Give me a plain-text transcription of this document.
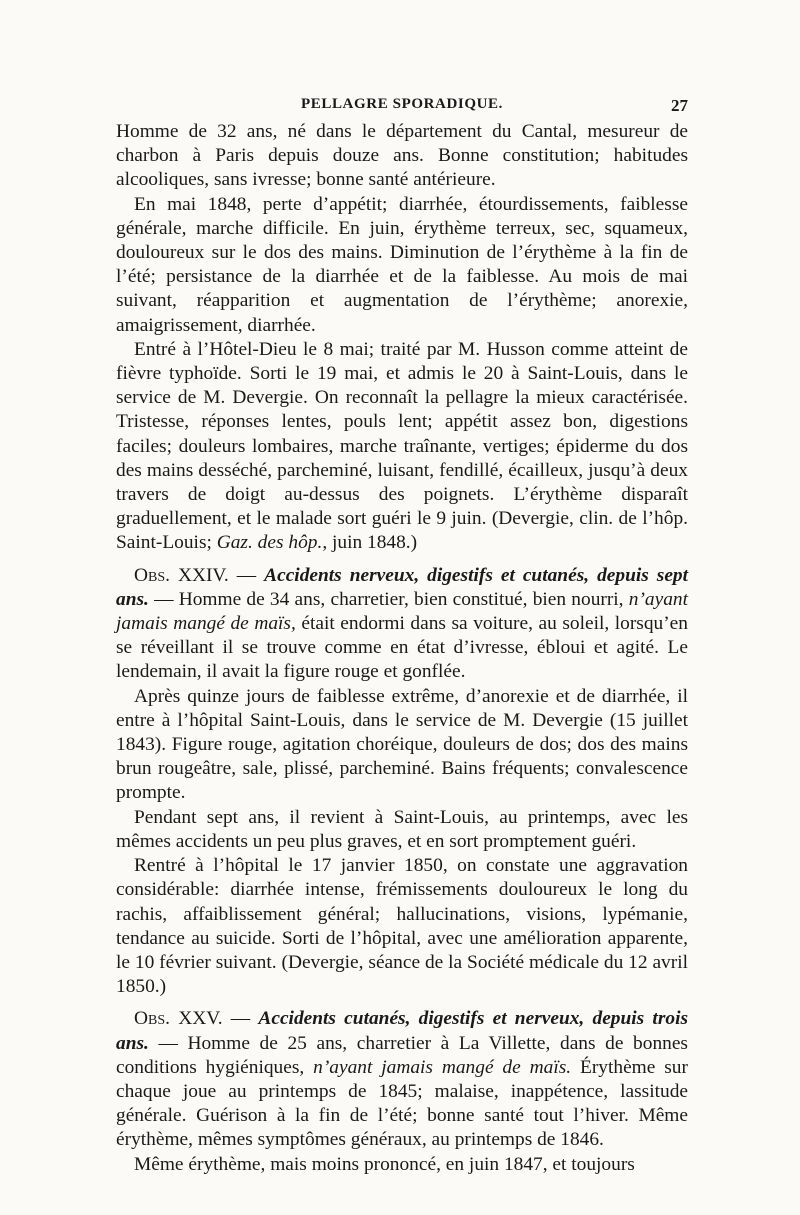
PELLAGRE SPORADIQUE.	27

Homme de 32 ans, né dans le département du Cantal, mesureur de charbon à Paris depuis douze ans. Bonne constitution; habitudes alcooliques, sans ivresse; bonne santé antérieure.

En mai 1848, perte d’appétit; diarrhée, étourdissements, faiblesse générale, marche difficile. En juin, érythème terreux, sec, squameux, douloureux sur le dos des mains. Diminution de l’érythème à la fin de l’été; persistance de la diarrhée et de la faiblesse. Au mois de mai suivant, réapparition et augmentation de l’érythème; anorexie, amaigrissement, diarrhée.

Entré à l’Hôtel-Dieu le 8 mai; traité par M. Husson comme atteint de fièvre typhoïde. Sorti le 19 mai, et admis le 20 à Saint-Louis, dans le service de M. Devergie. On reconnaît la pellagre la mieux caractérisée. Tristesse, réponses lentes, pouls lent; appétit assez bon, digestions faciles; douleurs lombaires, marche traînante, vertiges; épiderme du dos des mains desséché, parcheminé, luisant, fendillé, écailleux, jusqu’à deux travers de doigt au-dessus des poignets. L’érythème disparaît graduellement, et le malade sort guéri le 9 juin. (Devergie, clin. de l’hôp. Saint-Louis; Gaz. des hôp., juin 1848.)

Obs. XXIV. — Accidents nerveux, digestifs et cutanés, depuis sept ans. — Homme de 34 ans, charretier, bien constitué, bien nourri, n’ayant jamais mangé de maïs, était endormi dans sa voiture, au soleil, lorsqu’en se réveillant il se trouve comme en état d’ivresse, ébloui et agité. Le lendemain, il avait la figure rouge et gonflée.

Après quinze jours de faiblesse extrême, d’anorexie et de diarrhée, il entre à l’hôpital Saint-Louis, dans le service de M. Devergie (15 juillet 1843). Figure rouge, agitation choréique, douleurs de dos; dos des mains brun rougeâtre, sale, plissé, parcheminé. Bains fréquents; convalescence prompte.

Pendant sept ans, il revient à Saint-Louis, au printemps, avec les mêmes accidents un peu plus graves, et en sort promptement guéri.

Rentré à l’hôpital le 17 janvier 1850, on constate une aggravation considérable: diarrhée intense, frémissements douloureux le long du rachis, affaiblissement général; hallucinations, visions, lypémanie, tendance au suicide. Sorti de l’hôpital, avec une amélioration apparente, le 10 février suivant. (Devergie, séance de la Société médicale du 12 avril 1850.)

Obs. XXV. — Accidents cutanés, digestifs et nerveux, depuis trois ans. — Homme de 25 ans, charretier à La Villette, dans de bonnes conditions hygiéniques, n’ayant jamais mangé de maïs. Érythème sur chaque joue au printemps de 1845; malaise, inappétence, lassitude générale. Guérison à la fin de l’été; bonne santé tout l’hiver. Même érythème, mêmes symptômes généraux, au printemps de 1846.

Même érythème, mais moins prononcé, en juin 1847, et toujours
